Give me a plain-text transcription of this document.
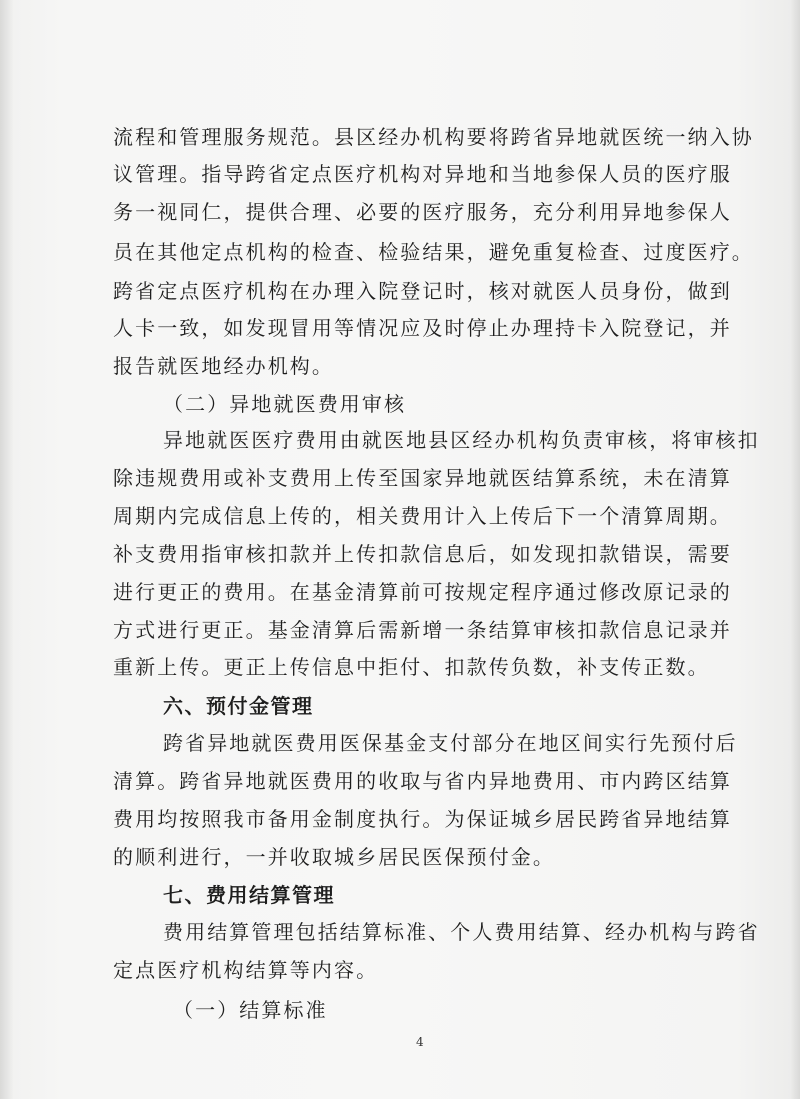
流程和管理服务规范。县区经办机构要将跨省异地就医统一纳入协
议管理。指导跨省定点医疗机构对异地和当地参保人员的医疗服
务一视同仁，提供合理、必要的医疗服务，充分利用异地参保人
员在其他定点机构的检查、检验结果，避免重复检查、过度医疗。
跨省定点医疗机构在办理入院登记时，核对就医人员身份，做到
人卡一致，如发现冒用等情况应及时停止办理持卡入院登记，并
报告就医地经办机构。
（二）异地就医费用审核
异地就医医疗费用由就医地县区经办机构负责审核，将审核扣
除违规费用或补支费用上传至国家异地就医结算系统，未在清算
周期内完成信息上传的，相关费用计入上传后下一个清算周期。
补支费用指审核扣款并上传扣款信息后，如发现扣款错误，需要
进行更正的费用。在基金清算前可按规定程序通过修改原记录的
方式进行更正。基金清算后需新增一条结算审核扣款信息记录并
重新上传。更正上传信息中拒付、扣款传负数，补支传正数。
六、预付金管理
跨省异地就医费用医保基金支付部分在地区间实行先预付后
清算。跨省异地就医费用的收取与省内异地费用、市内跨区结算
费用均按照我市备用金制度执行。为保证城乡居民跨省异地结算
的顺利进行，一并收取城乡居民医保预付金。
七、费用结算管理
费用结算管理包括结算标准、个人费用结算、经办机构与跨省
定点医疗机构结算等内容。
4
（一）结算标准
